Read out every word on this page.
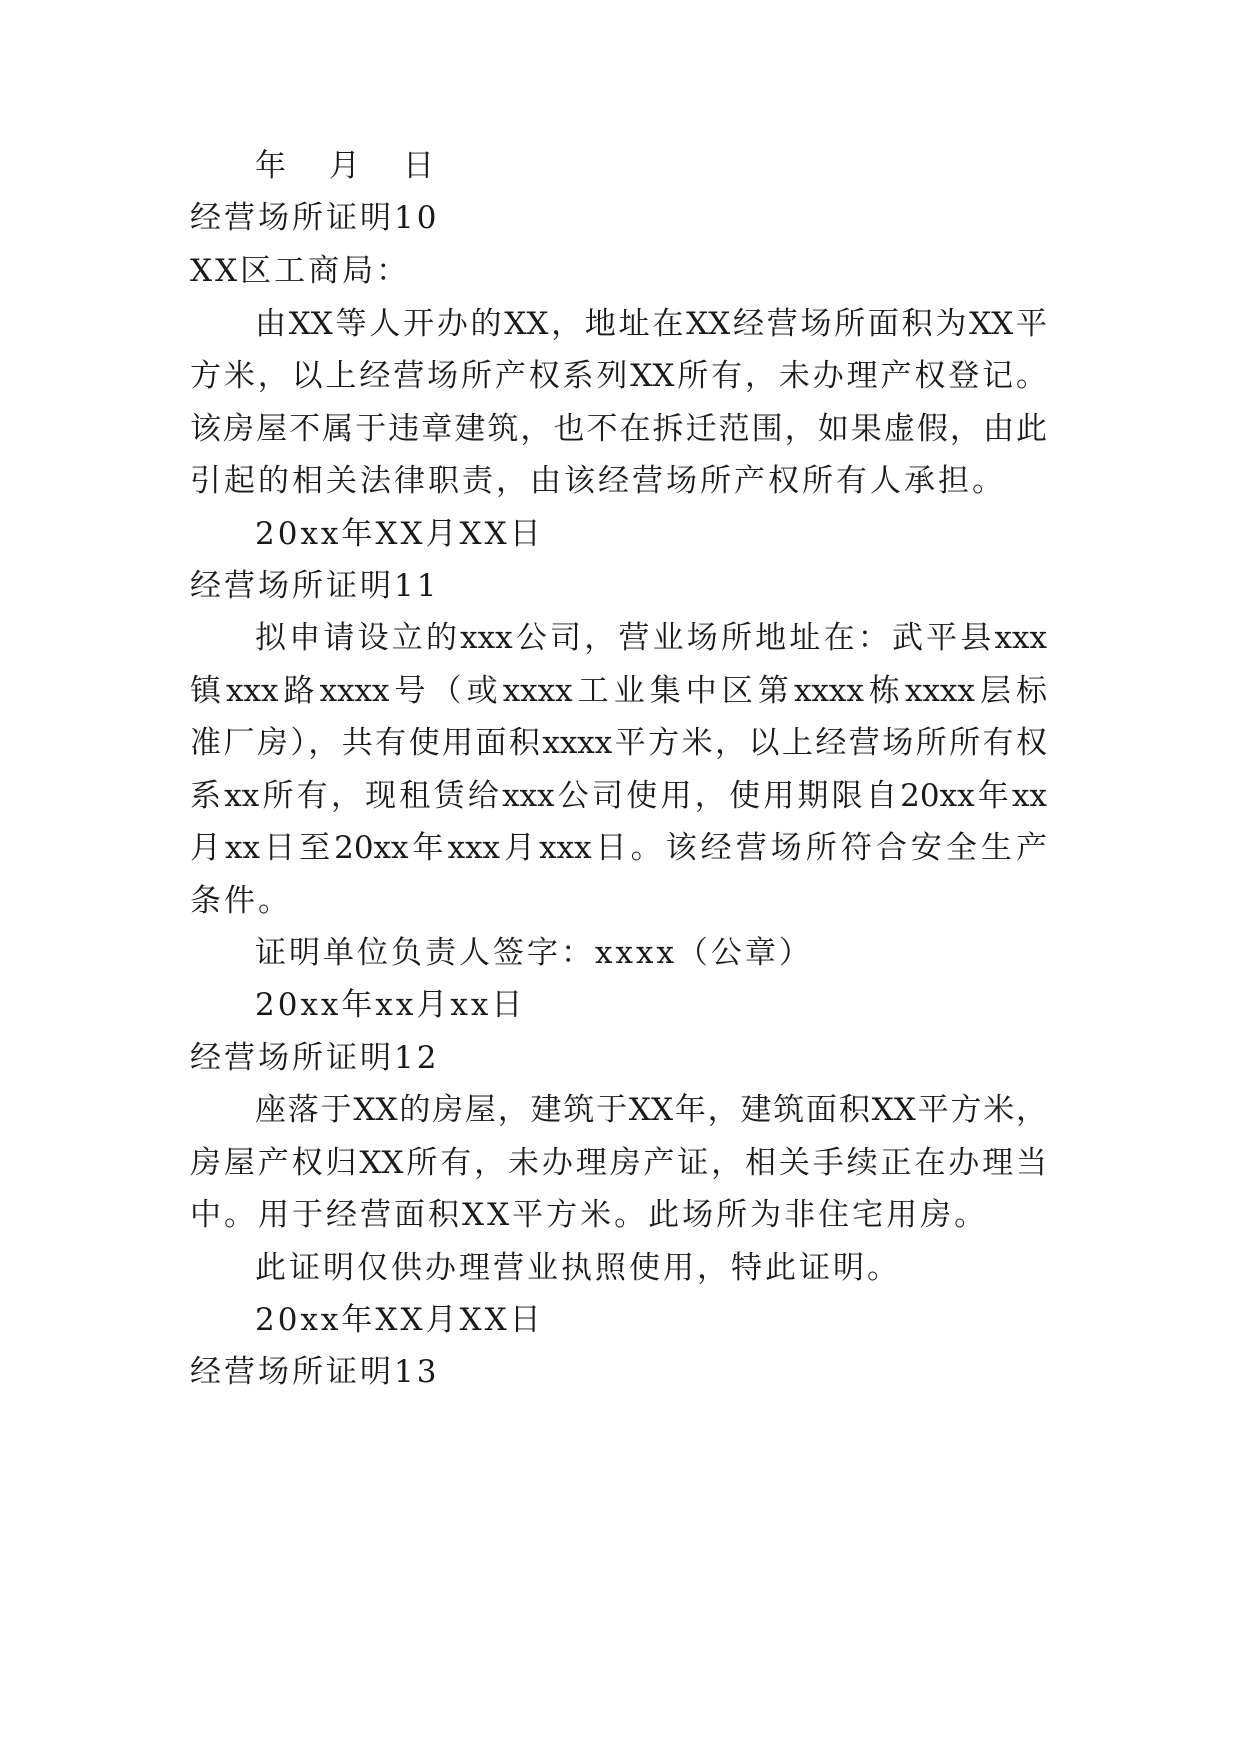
年 月 日
经营场所证明10
XX区工商局：
由XX等人开办的XX，地址在XX经营场所面积为XX平
方米，以上经营场所产权系列XX所有，未办理产权登记。
该房屋不属于违章建筑，也不在拆迁范围，如果虚假，由此
引起的相关法律职责，由该经营场所产权所有人承担。
20xx年XX月XX日
经营场所证明11
拟申请设立的xxx公司，营业场所地址在：武平县xxx
镇xxx路xxxx号（或xxxx工业集中区第xxxx栋xxxx层标
准厂房），共有使用面积xxxx平方米，以上经营场所所有权
系xx所有，现租赁给xxx公司使用，使用期限自20xx年xx
月xx日至20xx年xxx月xxx日。该经营场所符合安全生产
条件。
证明单位负责人签字：xxxx（公章）
20xx年xx月xx日
经营场所证明12
座落于XX的房屋，建筑于XX年，建筑面积XX平方米，
房屋产权归XX所有，未办理房产证，相关手续正在办理当
中。用于经营面积XX平方米。此场所为非住宅用房。
此证明仅供办理营业执照使用，特此证明。
20xx年XX月XX日
经营场所证明13
